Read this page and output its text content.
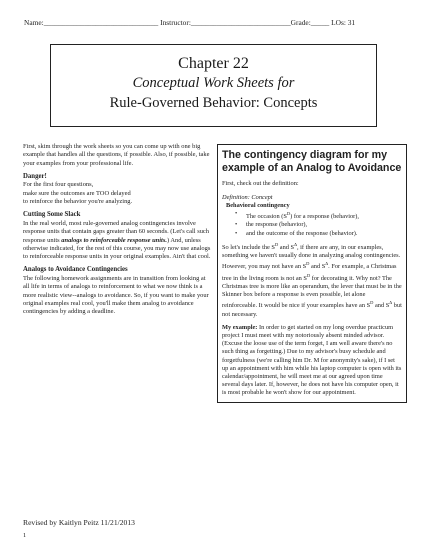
Name:_______________________________ Instructor:___________________________Grade:_____ LOs: 31
Chapter 22
Conceptual Work Sheets for
Rule-Governed Behavior: Concepts

First, skim through the work sheets so you can come up with one big example that handles all the questions, if possible. Also, if possible, take your examples from your professional life.

Danger!

For the first four questions,

make sure the outcomes are TOO delayed

to reinforce the behavior you're analyzing.

Cutting Some Slack

In the real world, most rule-governed analog contingencies involve response units that contain gaps greater than 60 seconds. (Let's call such response units analogs to reinforceable response units.) And, unless otherwise indicated, for the rest of this course, you may now use analogs to reinforceable response units in your original examples. Ain't that cool.

Analogs to Avoidance Contingencies

The following homework assignments are in transition from looking at all life in terms of analogs to reinforcement to what we now think is a more realistic view--analogs to avoidance. So, if you want to make your original examples real cool, you'll make them analog to avoidance contingencies by adding a deadline.

The contingency diagram for my example of an Analog to Avoidance

First, check out the definition:

Definition: Concept

Behavioral contingency

• The occasion $(S^D)$ for a response (behavior),
• the response (behavior),
• and the outcome of the response (behavior).

So let's include the $S^D$ and $S^\Delta$, if there are any, in our examples, something we haven't usually done in analyzing analog contingencies. However, you may not have an $S^D$ and $S^\Delta$. For example, a Christmas tree in the living room is not an $S^D$ for decorating it. Why not? The Christmas tree is more like an operandum, the lever that must be in the Skinner box before a response is even possible, let alone reinforceable. It would be nice if your examples have an $S^D$ and $S^\Delta$ but not necessary.

My example: In order to get started on my long overdue practicum project I must meet with my notoriously absent minded advisor. (Excuse the loose use of the term forget, I am well aware there's no such thing as forgetting.) Due to my advisor's busy schedule and forgetfulness (we're calling him Dr. M for anonymity's sake), if I set up an appointment with him while his laptop computer is open with its calendar/appointment, he will meet me at our agreed upon time several days later. If, however, he does not have his computer open, it is most probable he won't show for our appointment.

Revised by Kaitlyn Peitz 11/21/2013
1
